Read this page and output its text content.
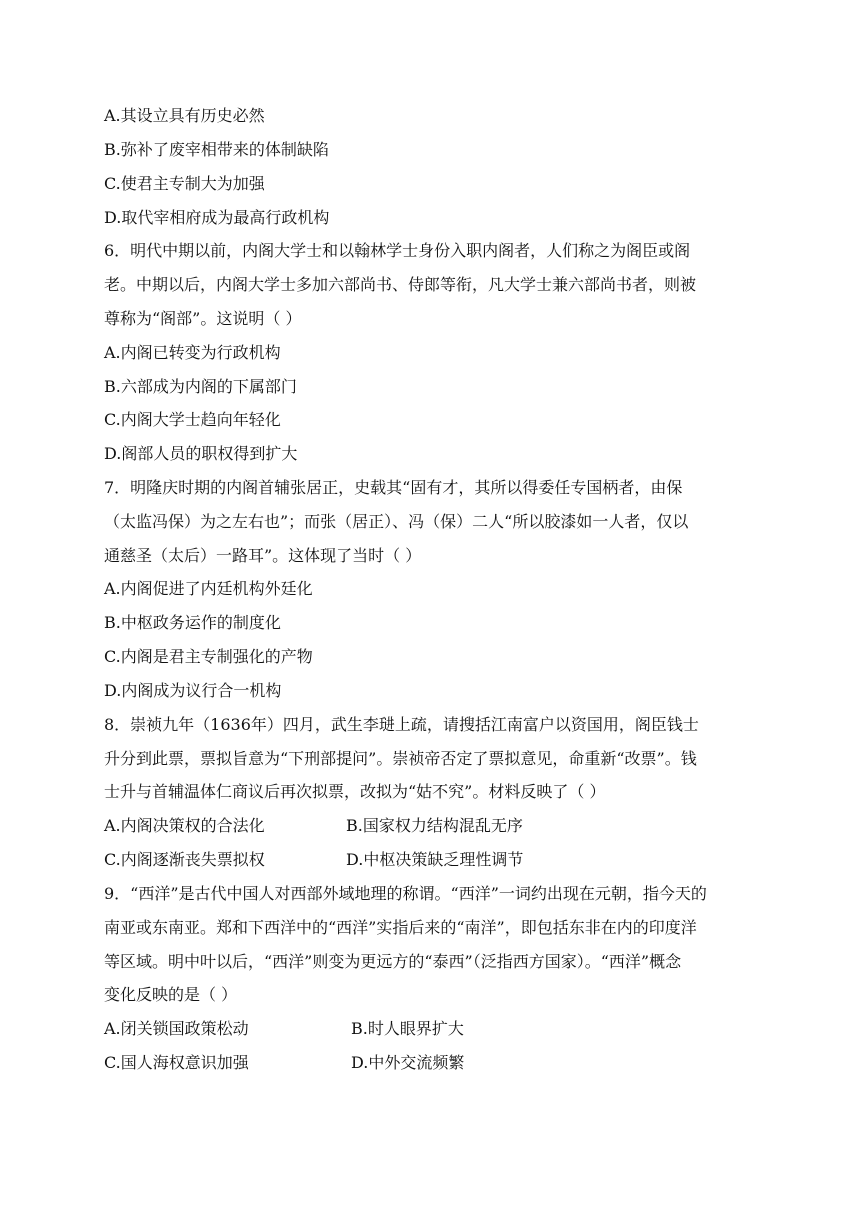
A.其设立具有历史必然
B.弥补了废宰相带来的体制缺陷
C.使君主专制大为加强
D.取代宰相府成为最高行政机构
6．明代中期以前，内阁大学士和以翰林学士身份入职内阁者，人们称之为阁臣或阁
老。中期以后，内阁大学士多加六部尚书、侍郎等衔，凡大学士兼六部尚书者，则被
尊称为“阁部”。这说明（ ）
A.内阁已转变为行政机构
B.六部成为内阁的下属部门
C.内阁大学士趋向年轻化
D.阁部人员的职权得到扩大
7．明隆庆时期的内阁首辅张居正，史载其“固有才，其所以得委任专国柄者，由保
（太监冯保）为之左右也”；而张（居正）、冯（保）二人“所以胶漆如一人者，仅以
通慈圣（太后）一路耳”。这体现了当时（ ）
A.内阁促进了内廷机构外廷化
B.中枢政务运作的制度化
C.内阁是君主专制强化的产物
D.内阁成为议行合一机构
8．崇祯九年（1636年）四月，武生李琎上疏，请搜括江南富户以资国用，阁臣钱士
升分到此票，票拟旨意为“下刑部提问”。崇祯帝否定了票拟意见，命重新“改票”。钱
士升与首辅温体仁商议后再次拟票，改拟为“姑不究”。材料反映了（ ）
A.内阁决策权的合法化	B.国家权力结构混乱无序
C.内阁逐渐丧失票拟权	D.中枢决策缺乏理性调节
9．“西洋”是古代中国人对西部外域地理的称谓。“西洋”一词约出现在元朝，指今天的
南亚或东南亚。郑和下西洋中的“西洋”实指后来的“南洋”，即包括东非在内的印度洋
等区域。明中叶以后，“西洋”则变为更远方的“泰西”（泛指西方国家）。“西洋”概念
变化反映的是（ ）
A.闭关锁国政策松动	B.时人眼界扩大
C.国人海权意识加强	D.中外交流频繁
